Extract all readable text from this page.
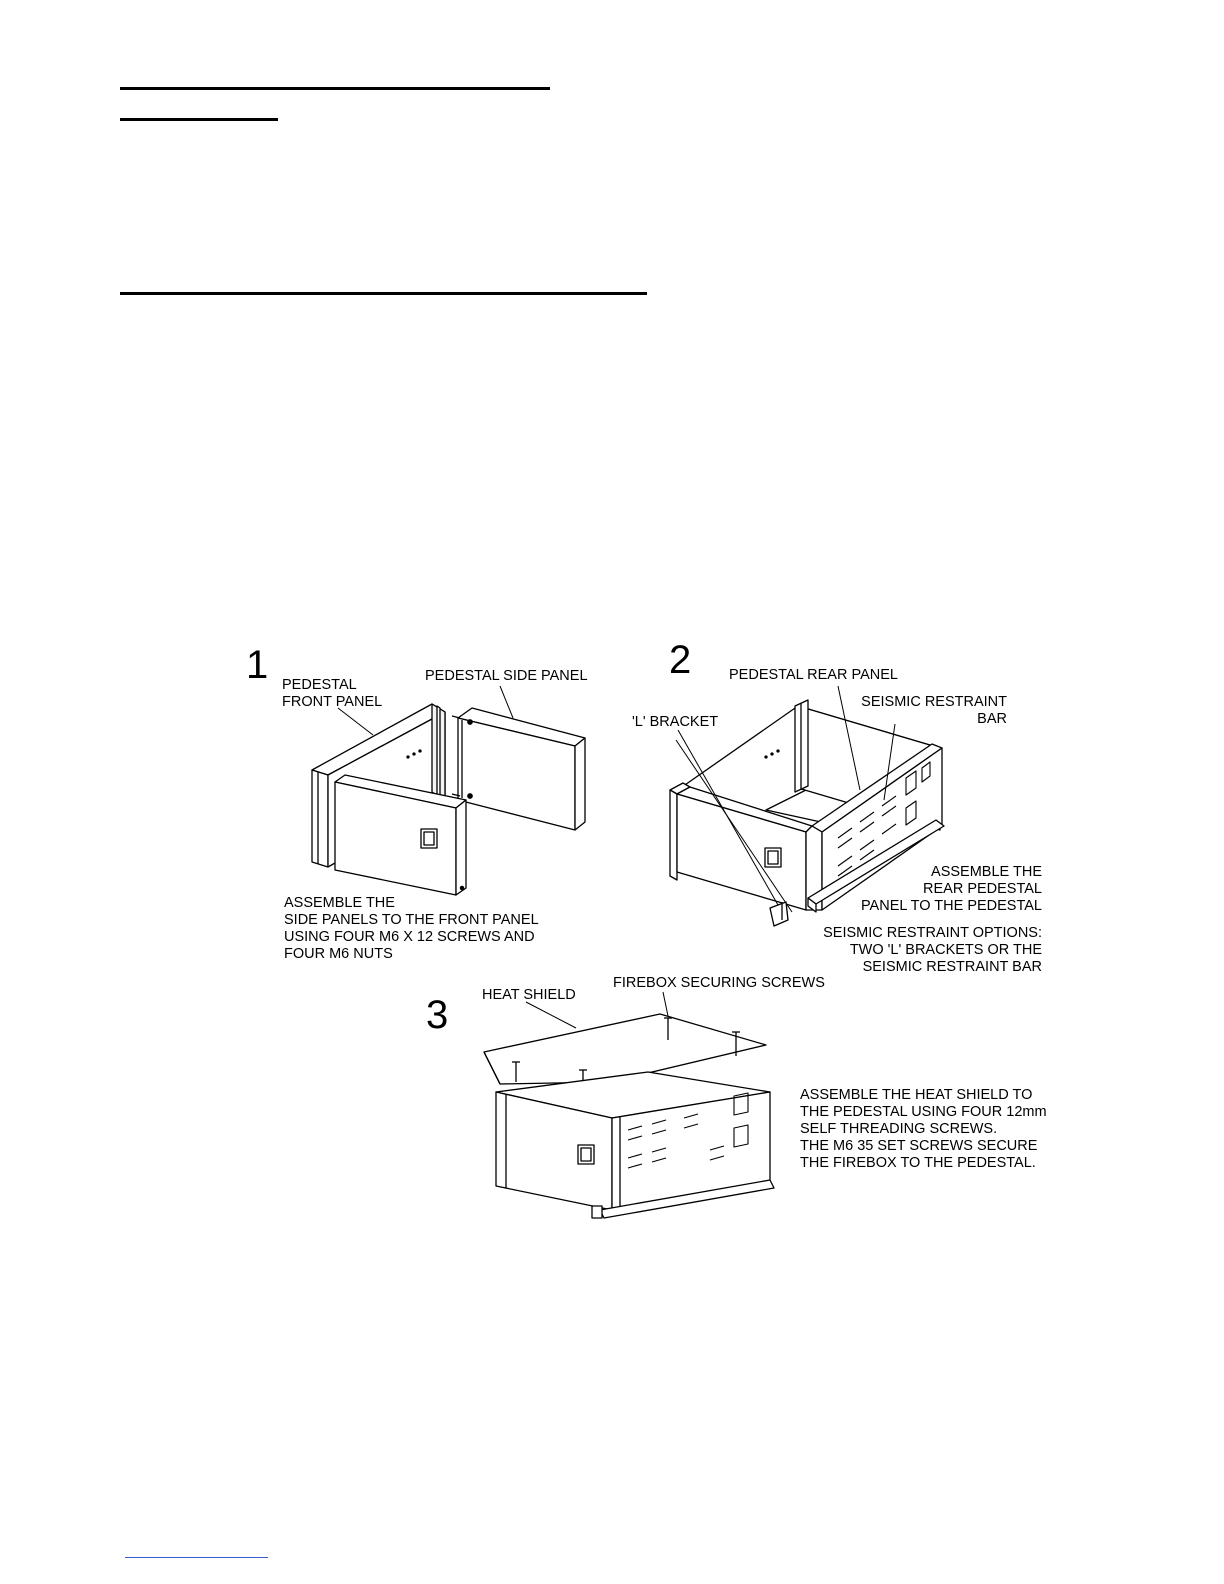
1 PEDESTAL
FRONT PANEL
PEDESTAL SIDE PANEL
ASSEMBLE THE
SIDE PANELS TO THE FRONT PANEL
USING FOUR M6 X 12 SCREWS AND
FOUR M6 NUTS
2	PEDESTAL REAR PANEL
SEISMIC RESTRAINT
BAR
'L' BRACKET
ASSEMBLE THE
REAR PEDESTAL
PANEL TO THE PEDESTAL
SEISMIC RESTRAINT OPTIONS:
TWO 'L' BRACKETS OR THE
SEISMIC RESTRAINT BAR
3 HEAT SHIELD
FIREBOX SECURING SCREWS
ASSEMBLE THE HEAT SHIELD TO
THE PEDESTAL USING FOUR 12mm
SELF THREADING SCREWS.
THE M6 35 SET SCREWS SECURE
THE FIREBOX TO THE PEDESTAL.
